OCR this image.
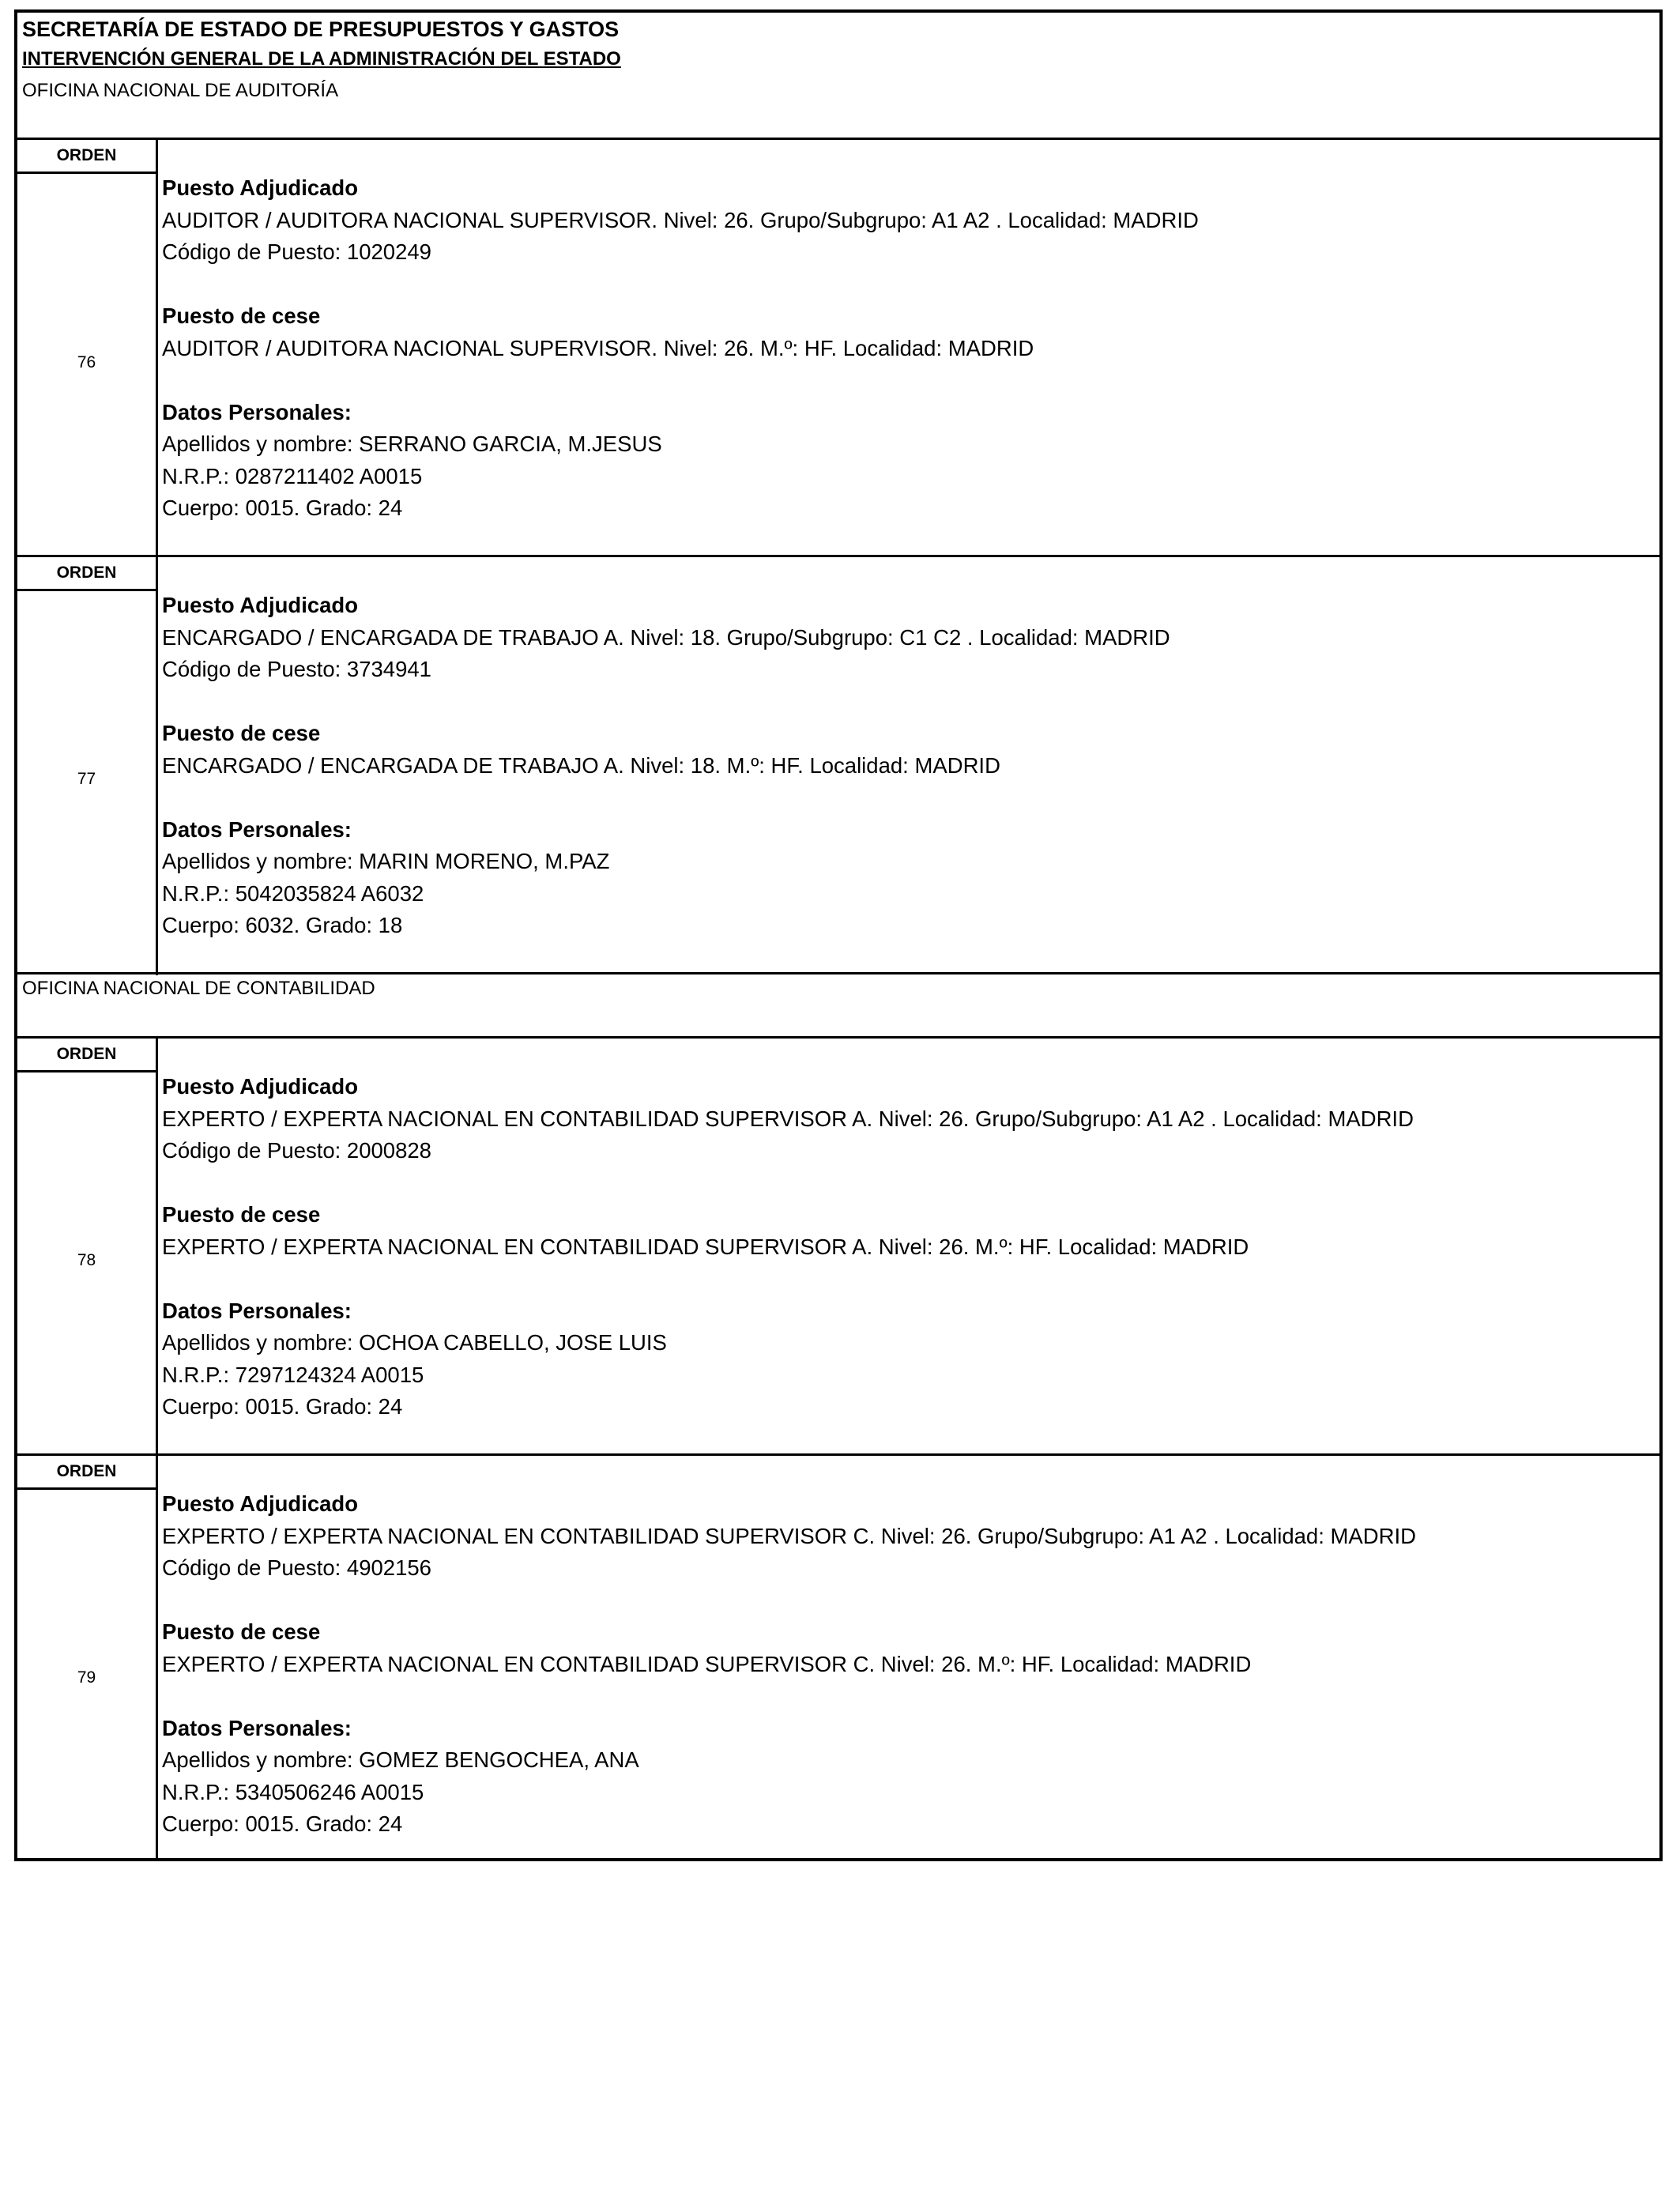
SECRETARÍA DE ESTADO DE PRESUPUESTOS Y GASTOS
INTERVENCIÓN GENERAL DE LA ADMINISTRACIÓN DEL ESTADO
OFICINA NACIONAL DE AUDITORÍA
ORDEN
76
Puesto Adjudicado
AUDITOR / AUDITORA NACIONAL SUPERVISOR. Nivel: 26. Grupo/Subgrupo: A1 A2 . Localidad: MADRID
Código de Puesto: 1020249
Puesto de cese
AUDITOR / AUDITORA NACIONAL SUPERVISOR. Nivel: 26. M.º: HF. Localidad: MADRID
Datos Personales:
Apellidos y nombre: SERRANO GARCIA, M.JESUS
N.R.P.: 0287211402 A0015
Cuerpo: 0015. Grado: 24
ORDEN
77
Puesto Adjudicado
ENCARGADO / ENCARGADA DE TRABAJO A. Nivel: 18. Grupo/Subgrupo: C1 C2 . Localidad: MADRID
Código de Puesto: 3734941
Puesto de cese
ENCARGADO / ENCARGADA DE TRABAJO A. Nivel: 18. M.º: HF. Localidad: MADRID
Datos Personales:
Apellidos y nombre: MARIN MORENO, M.PAZ
N.R.P.: 5042035824 A6032
Cuerpo: 6032. Grado: 18
OFICINA NACIONAL DE CONTABILIDAD
ORDEN
78
Puesto Adjudicado
EXPERTO / EXPERTA NACIONAL EN CONTABILIDAD SUPERVISOR A. Nivel: 26. Grupo/Subgrupo: A1 A2 . Localidad: MADRID
Código de Puesto: 2000828
Puesto de cese
EXPERTO / EXPERTA NACIONAL EN CONTABILIDAD SUPERVISOR A. Nivel: 26. M.º: HF. Localidad: MADRID
Datos Personales:
Apellidos y nombre: OCHOA CABELLO, JOSE LUIS
N.R.P.: 7297124324 A0015
Cuerpo: 0015. Grado: 24
ORDEN
79
Puesto Adjudicado
EXPERTO / EXPERTA NACIONAL EN CONTABILIDAD SUPERVISOR C. Nivel: 26. Grupo/Subgrupo: A1 A2 . Localidad: MADRID
Código de Puesto: 4902156
Puesto de cese
EXPERTO / EXPERTA NACIONAL EN CONTABILIDAD SUPERVISOR C. Nivel: 26. M.º: HF. Localidad: MADRID
Datos Personales:
Apellidos y nombre: GOMEZ BENGOCHEA, ANA
N.R.P.: 5340506246 A0015
Cuerpo: 0015. Grado: 24
